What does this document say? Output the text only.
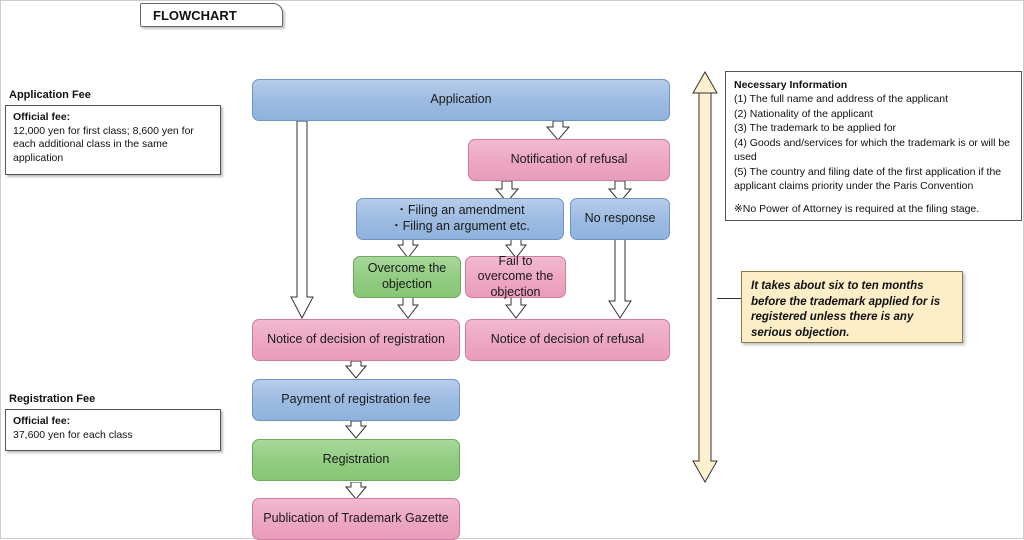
FLOWCHART
Application
Notification of refusal
・Filing an amendment
・Filing an argument etc.
No response
Overcome the objection
Fail to overcome the objection
Notice of decision of registration	Notice of decision of refusal
Payment of registration fee
Registration
Publication of Trademark Gazette
Application Fee
Official fee:
12,000 yen for first class; 8,600 yen for each additional class in the same application
Registration Fee
Official fee:
37,600 yen for each class
Necessary Information
(1) The full name and address of the applicant
(2) Nationality of the applicant
(3) The trademark to be applied for
(4) Goods and/services for which the trademark is or will be used
(5) The country and filing date of the first application if the applicant claims priority under the Paris Convention
※No Power of Attorney is required at the filing stage.
It takes about six to ten months before the trademark applied for is registered unless there is any serious objection.
